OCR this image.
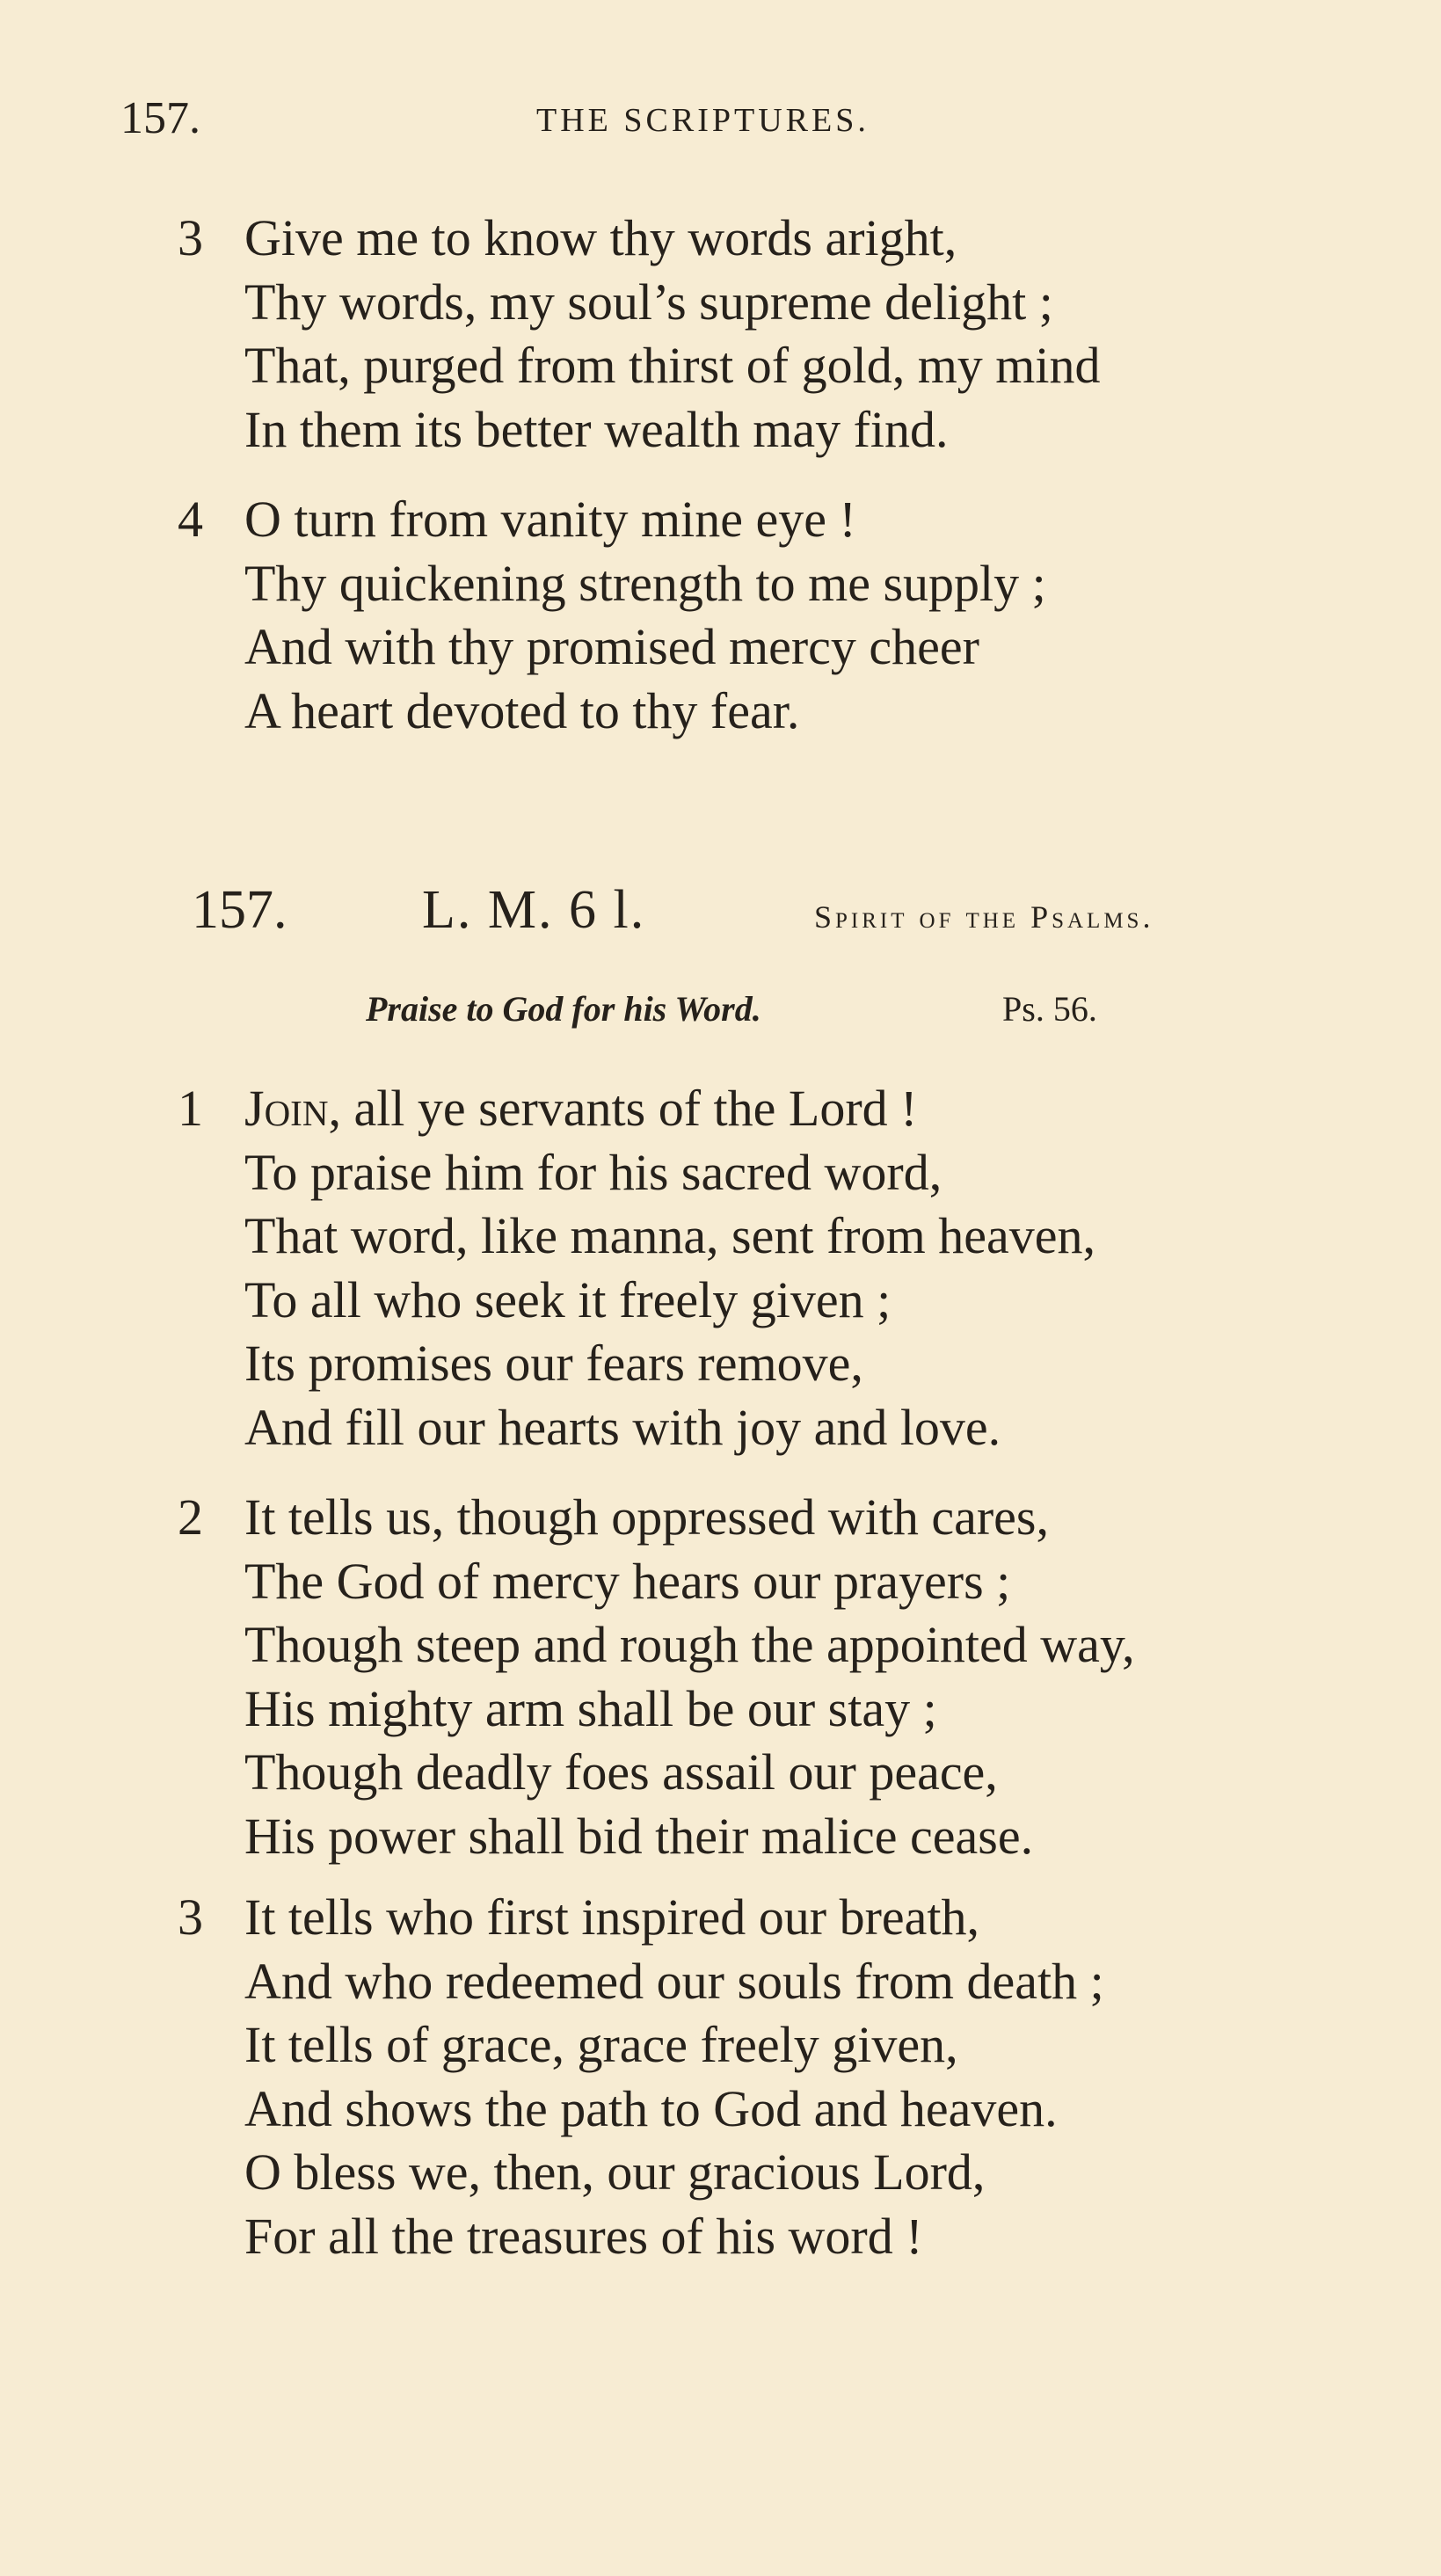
157.	THE SCRIPTURES.
3 Give me to know thy words aright,
Thy words, my soul’s supreme delight ;
That, purged from thirst of gold, my mind
In them its better wealth may find.
4 O turn from vanity mine eye !
Thy quickening strength to me supply ;
And with thy promised mercy cheer
A heart devoted to thy fear.
157. L. M. 6 l.	Spirit of the Psalms.
Praise to God for his Word.	Ps. 56.
1 Join, all ye servants of the Lord !
To praise him for his sacred word,
That word, like manna, sent from heaven,
To all who seek it freely given ;
Its promises our fears remove,
And fill our hearts with joy and love.
2 It tells us, though oppressed with cares,
The God of mercy hears our prayers ;
Though steep and rough the appointed way,
His mighty arm shall be our stay ;
Though deadly foes assail our peace,
His power shall bid their malice cease.
3 It tells who first inspired our breath,
And who redeemed our souls from death ;
It tells of grace, grace freely given,
And shows the path to God and heaven.
O bless we, then, our gracious Lord,
For all the treasures of his word !
